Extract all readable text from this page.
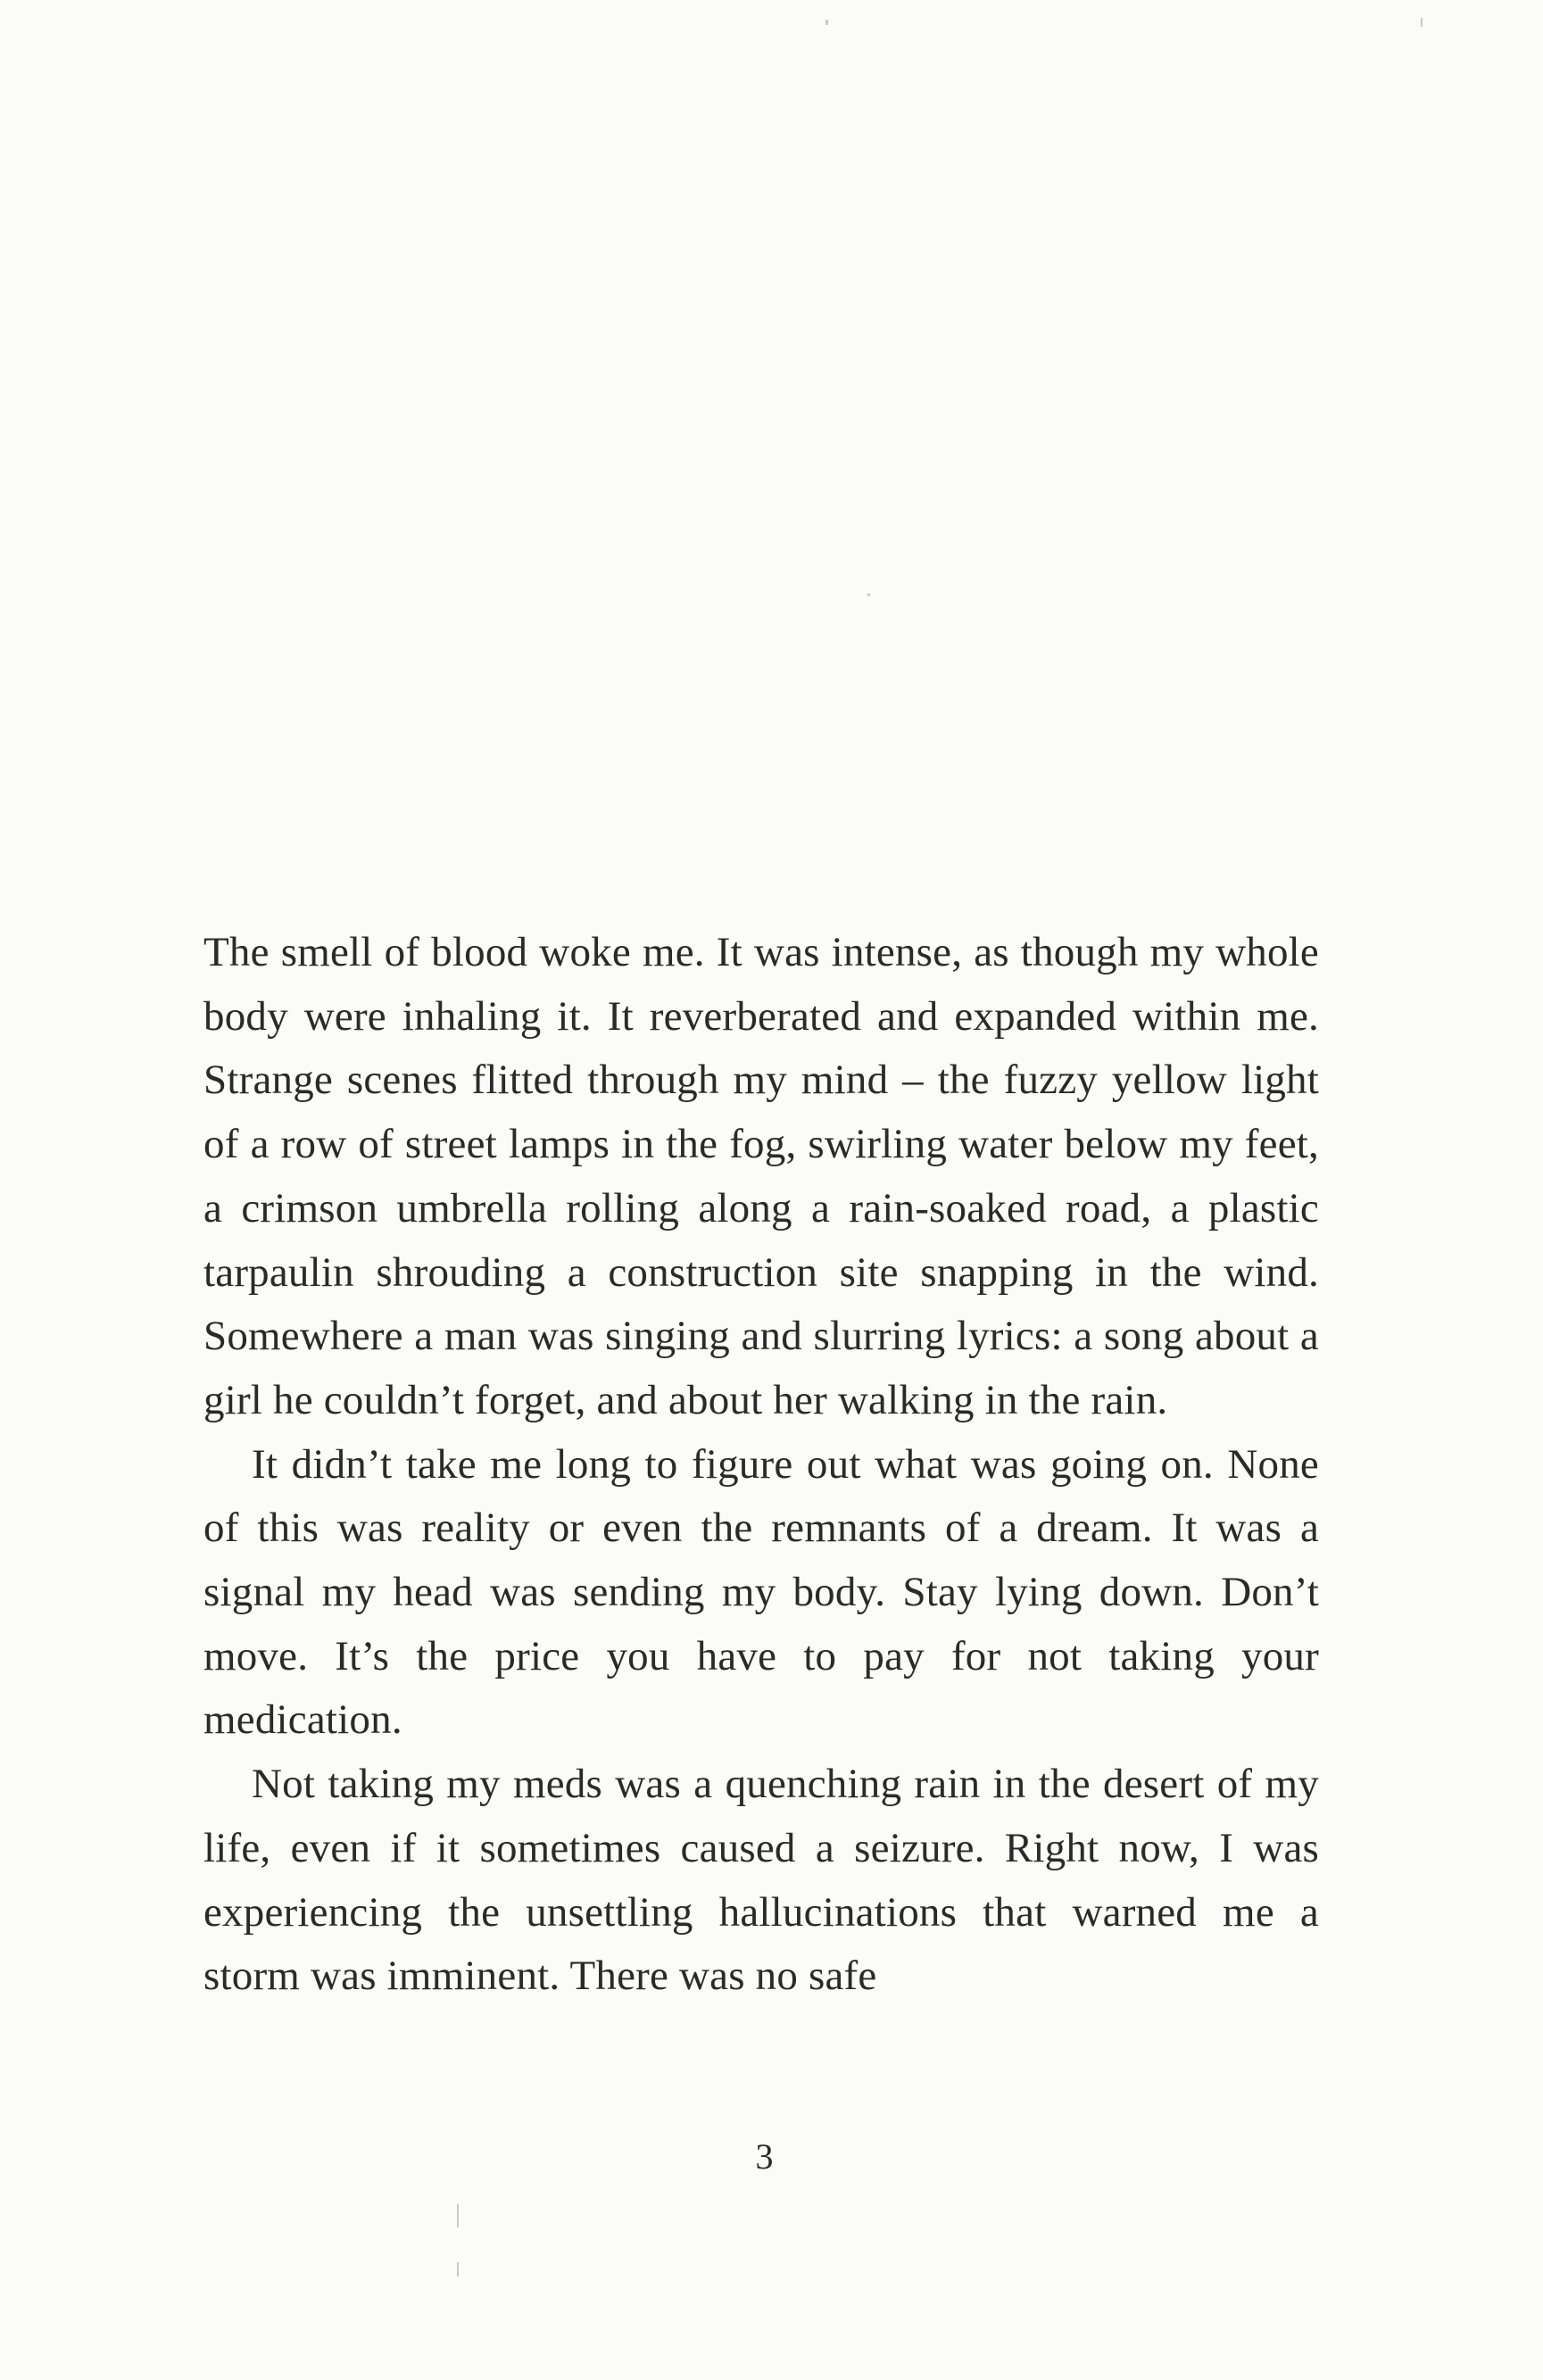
The smell of blood woke me. It was intense, as though my whole body were inhaling it. It reverberated and expanded within me. Strange scenes flitted through my mind – the fuzzy yellow light of a row of street lamps in the fog, swirling water below my feet, a crimson umbrella rolling along a rain-soaked road, a plastic tarpaulin shrouding a construction site snapping in the wind. Somewhere a man was singing and slurring lyrics: a song about a girl he couldn’t forget, and about her walking in the rain.

It didn’t take me long to figure out what was going on. None of this was reality or even the remnants of a dream. It was a signal my head was sending my body. Stay lying down. Don’t move. It’s the price you have to pay for not taking your medication.

Not taking my meds was a quenching rain in the desert of my life, even if it sometimes caused a seizure. Right now, I was experiencing the unsettling hallucinations that warned me a storm was imminent. There was no safe

3
